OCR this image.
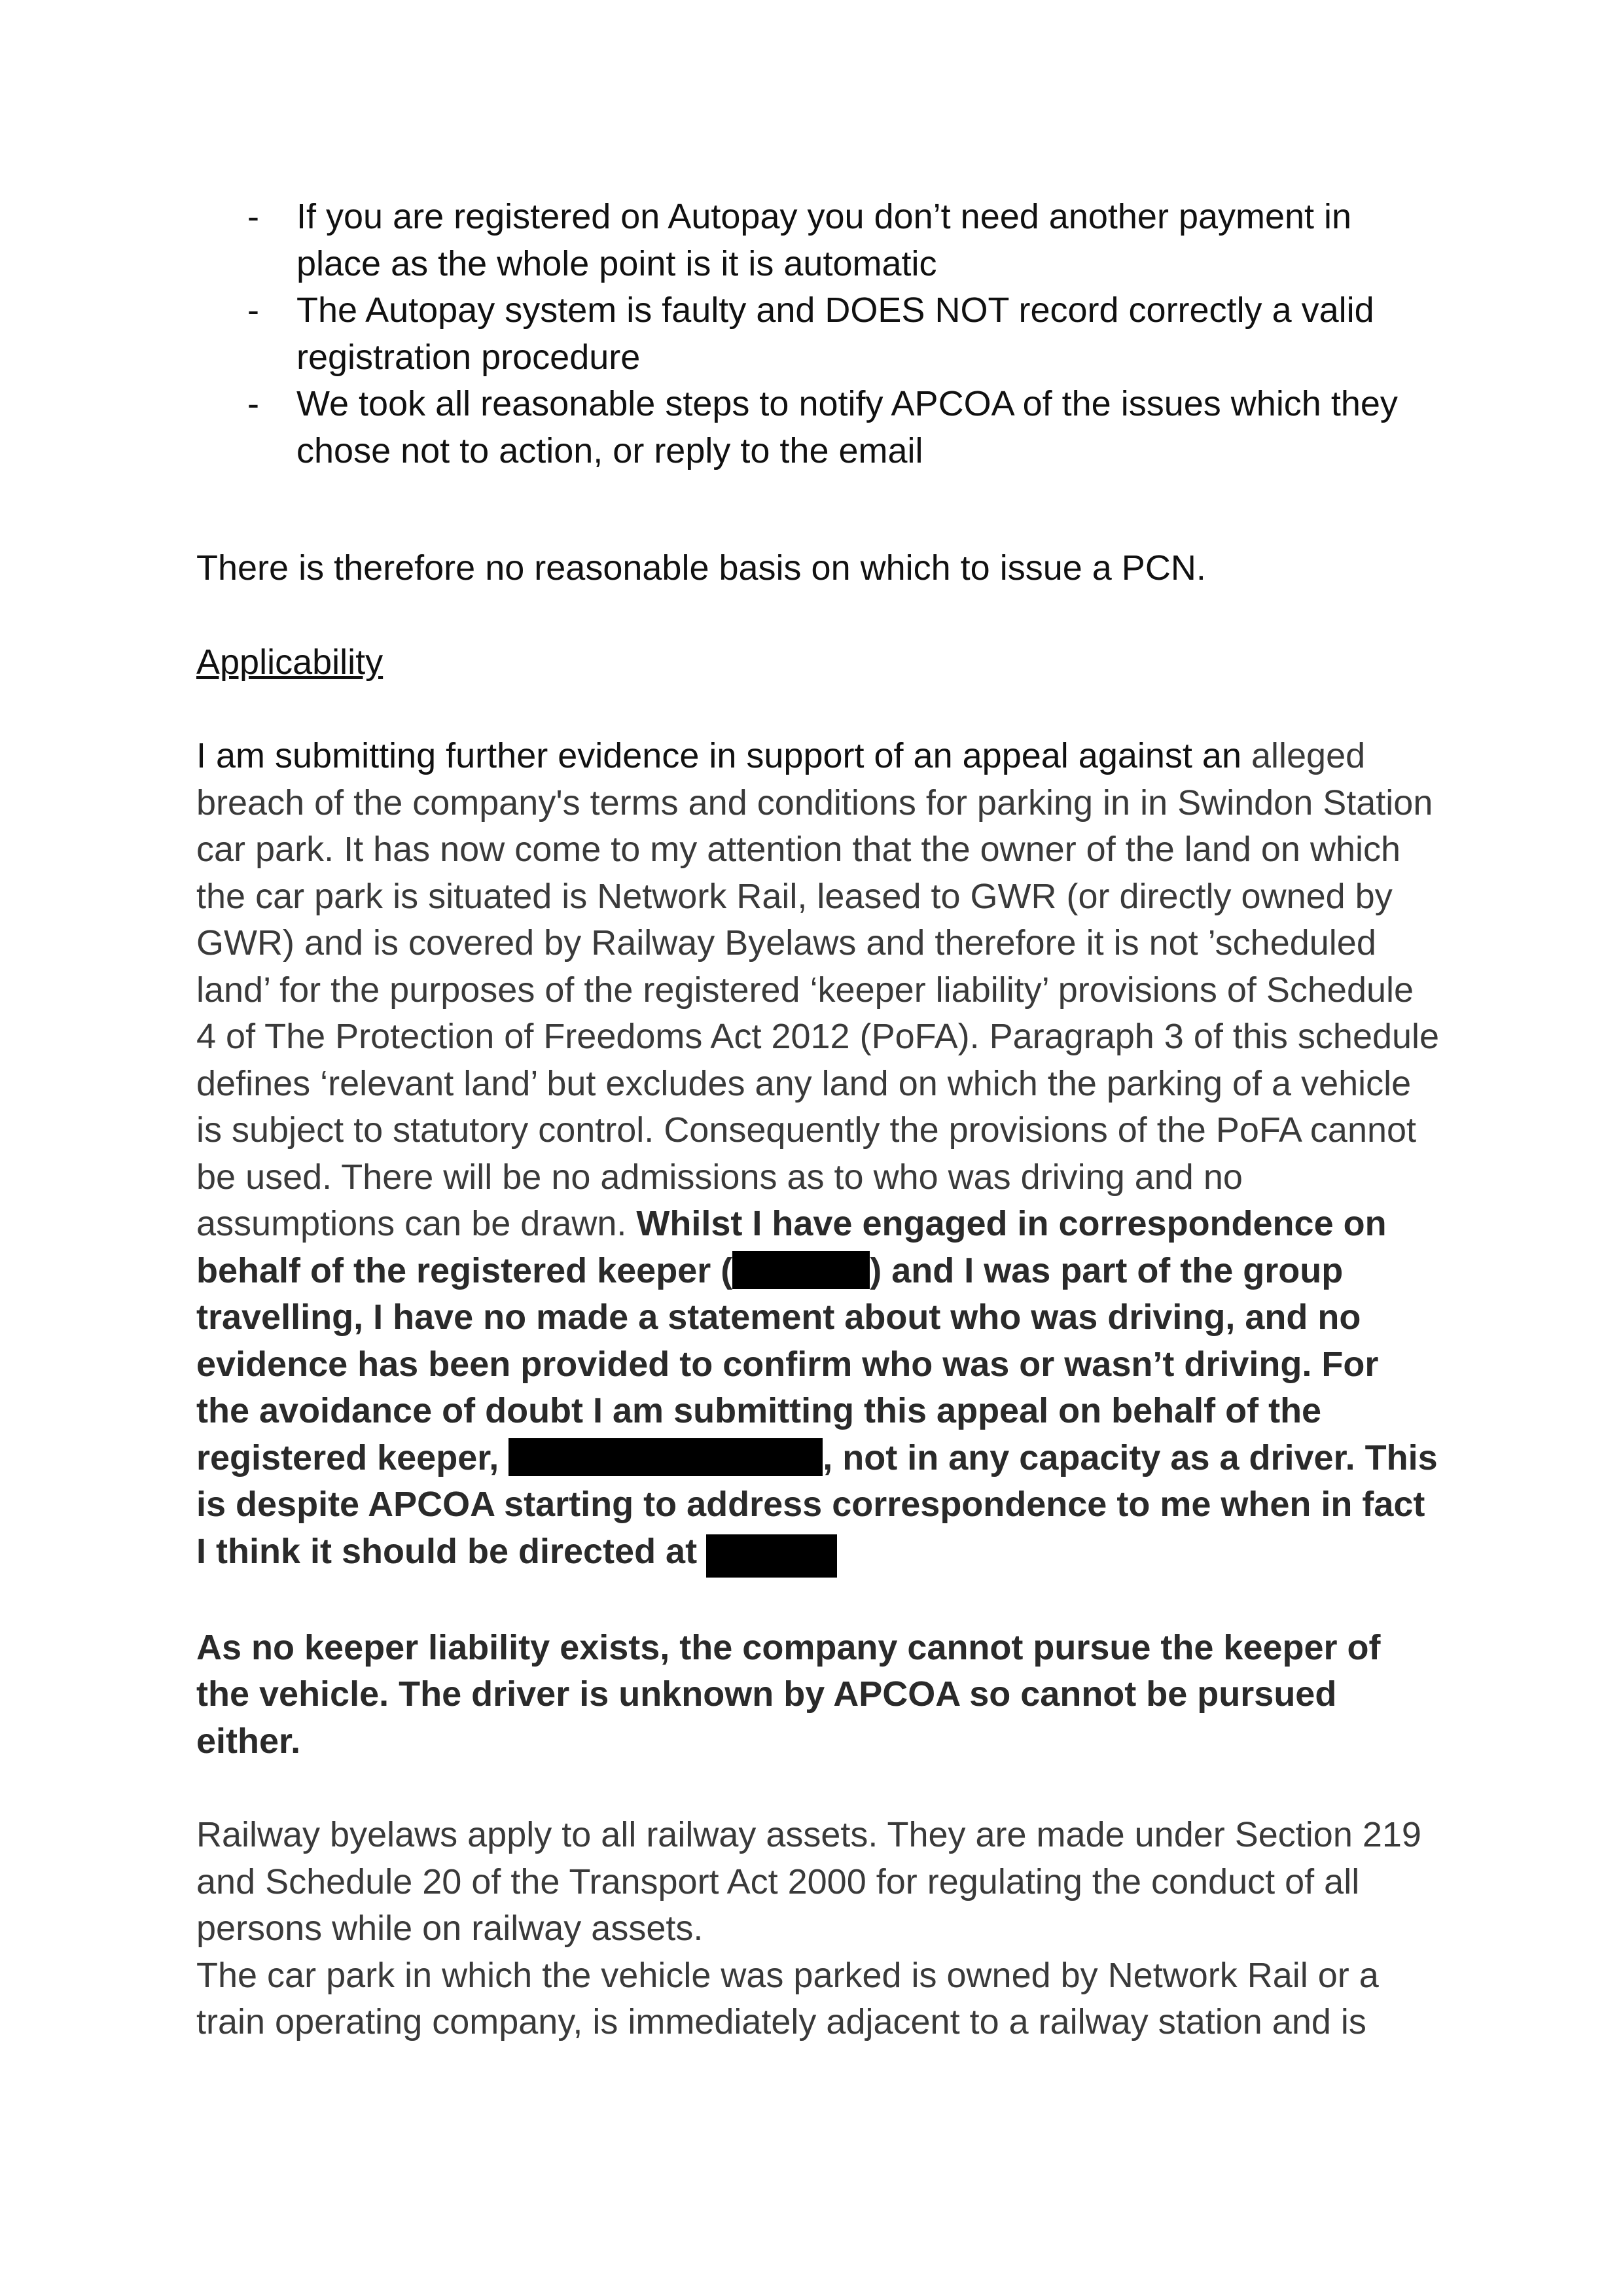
- If you are registered on Autopay you don’t need another payment in place as the whole point is it is automatic
- The Autopay system is faulty and DOES NOT record correctly a valid registration procedure
- We took all reasonable steps to notify APCOA of the issues which they chose not to action, or reply to the email

There is therefore no reasonable basis on which to issue a PCN.

Applicability

I am submitting further evidence in support of an appeal against an alleged breach of the company's terms and conditions for parking in in Swindon Station car park. It has now come to my attention that the owner of the land on which the car park is situated is Network Rail, leased to GWR (or directly owned by GWR) and is covered by Railway Byelaws and therefore it is not ’scheduled land’ for the purposes of the registered ‘keeper liability’ provisions of Schedule 4 of The Protection of Freedoms Act 2012 (PoFA). Paragraph 3 of this schedule defines ‘relevant land’ but excludes any land on which the parking of a vehicle is subject to statutory control. Consequently the provisions of the PoFA cannot be used. There will be no admissions as to who was driving and no assumptions can be drawn. Whilst I have engaged in correspondence on behalf of the registered keeper (	) and I was part of the group travelling, I have no made a statement about who was driving, and no evidence has been provided to confirm who was or wasn’t driving. For the avoidance of doubt I am submitting this appeal on behalf of the registered keeper,	, not in any capacity as a driver. This is despite APCOA starting to address correspondence to me when in fact I think it should be directed at

As no keeper liability exists, the company cannot pursue the keeper of the vehicle. The driver is unknown by APCOA so cannot be pursued either.

Railway byelaws apply to all railway assets. They are made under Section 219 and Schedule 20 of the Transport Act 2000 for regulating the conduct of all persons while on railway assets.

The car park in which the vehicle was parked is owned by Network Rail or a train operating company, is immediately adjacent to a railway station and is
